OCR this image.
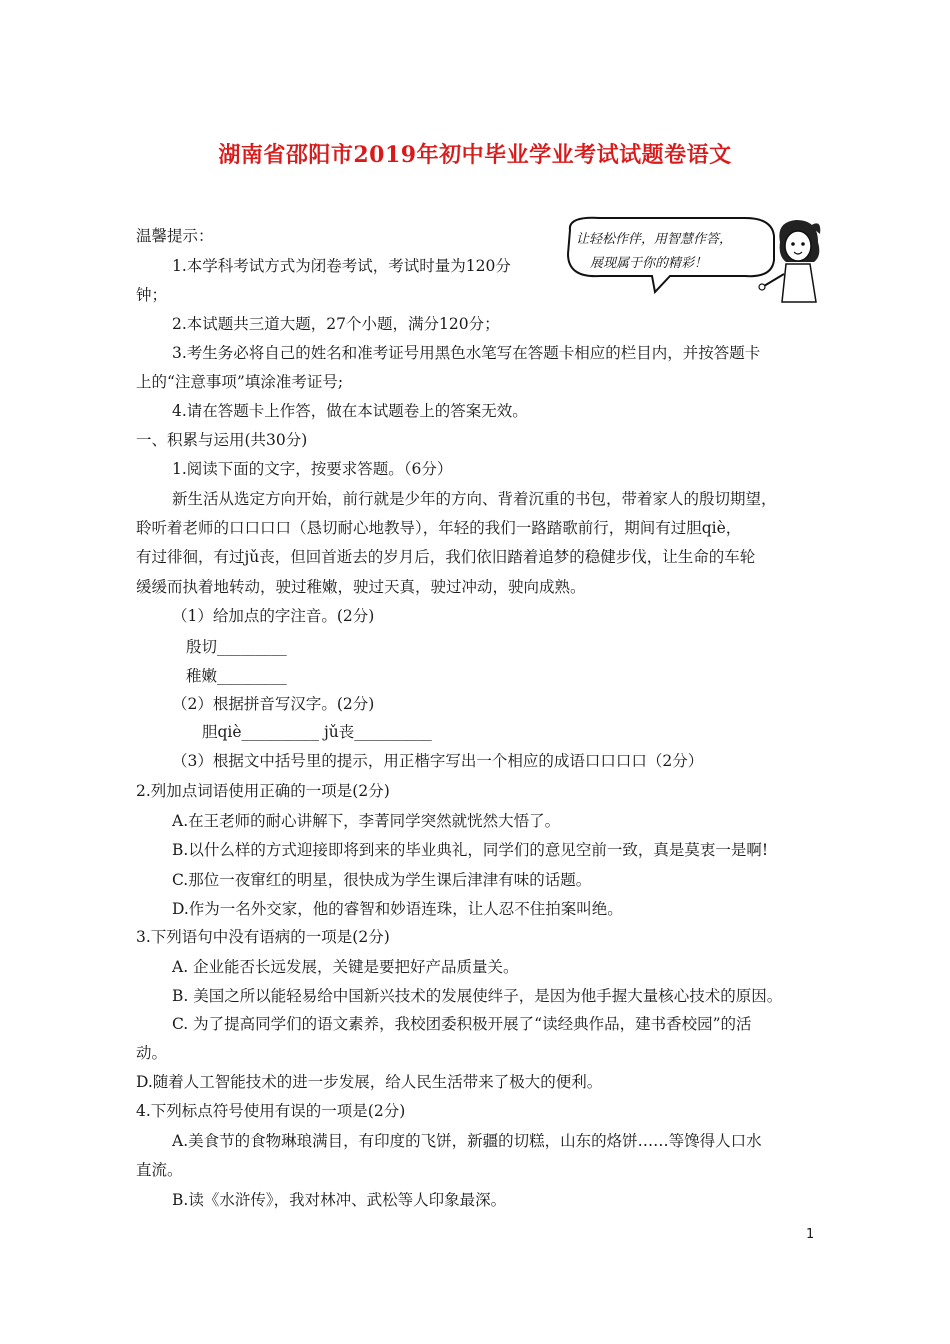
湖南省邵阳市2019年初中毕业学业考试试题卷语文
让轻松作伴，用智慧作答，
展现属于你的精彩！
温馨提示：
1.本学科考试方式为闭卷考试，考试时量为120分
钟；
2.本试题共三道大题，27个小题，满分120分；
3.考生务必将自己的姓名和准考证号用黑色水笔写在答题卡相应的栏目内，并按答题卡
上的“注意事项”填涂准考证号;
4.请在答题卡上作答，做在本试题卷上的答案无效。
一、积累与运用(共30分)
1.阅读下面的文字，按要求答题。（6分）
新生活从选定方向开始，前行就是少年的方向、背着沉重的书包，带着家人的殷切期望，
聆听着老师的口口口口（恳切耐心地教导），年轻的我们一路踏歌前行，期间有过胆qiè，
有过徘徊，有过jǔ丧，但回首逝去的岁月后，我们依旧踏着追梦的稳健步伐，让生命的车轮
缓缓而执着地转动，驶过稚嫩，驶过天真，驶过冲动，驶向成熟。
（1）给加点的字注音。(2分)
殷切_________
稚嫩_________
（2）根据拼音写汉字。(2分)
胆qiè__________ jǔ丧__________
（3）根据文中括号里的提示，用正楷字写出一个相应的成语口口口口（2分）
2.列加点词语使用正确的一项是(2分)
A.在王老师的耐心讲解下，李菁同学突然就恍然大悟了。
B.以什么样的方式迎接即将到来的毕业典礼，同学们的意见空前一致，真是莫衷一是啊!
C.那位一夜窜红的明星，很快成为学生课后津津有味的话题。
D.作为一名外交家，他的睿智和妙语连珠，让人忍不住拍案叫绝。
3.下列语句中没有语病的一项是(2分)
A. 企业能否长远发展，关键是要把好产品质量关。
B. 美国之所以能轻易给中国新兴技术的发展使绊子，是因为他手握大量核心技术的原因。
C. 为了提高同学们的语文素养，我校团委积极开展了“读经典作品，建书香校园”的活
动。
D.随着人工智能技术的进一步发展，给人民生活带来了极大的便利。
4.下列标点符号使用有误的一项是(2分)
A.美食节的食物琳琅满目，有印度的飞饼，新疆的切糕，山东的烙饼……等馋得人口水
直流。
B.读《水浒传》，我对林冲、武松等人印象最深。
1
